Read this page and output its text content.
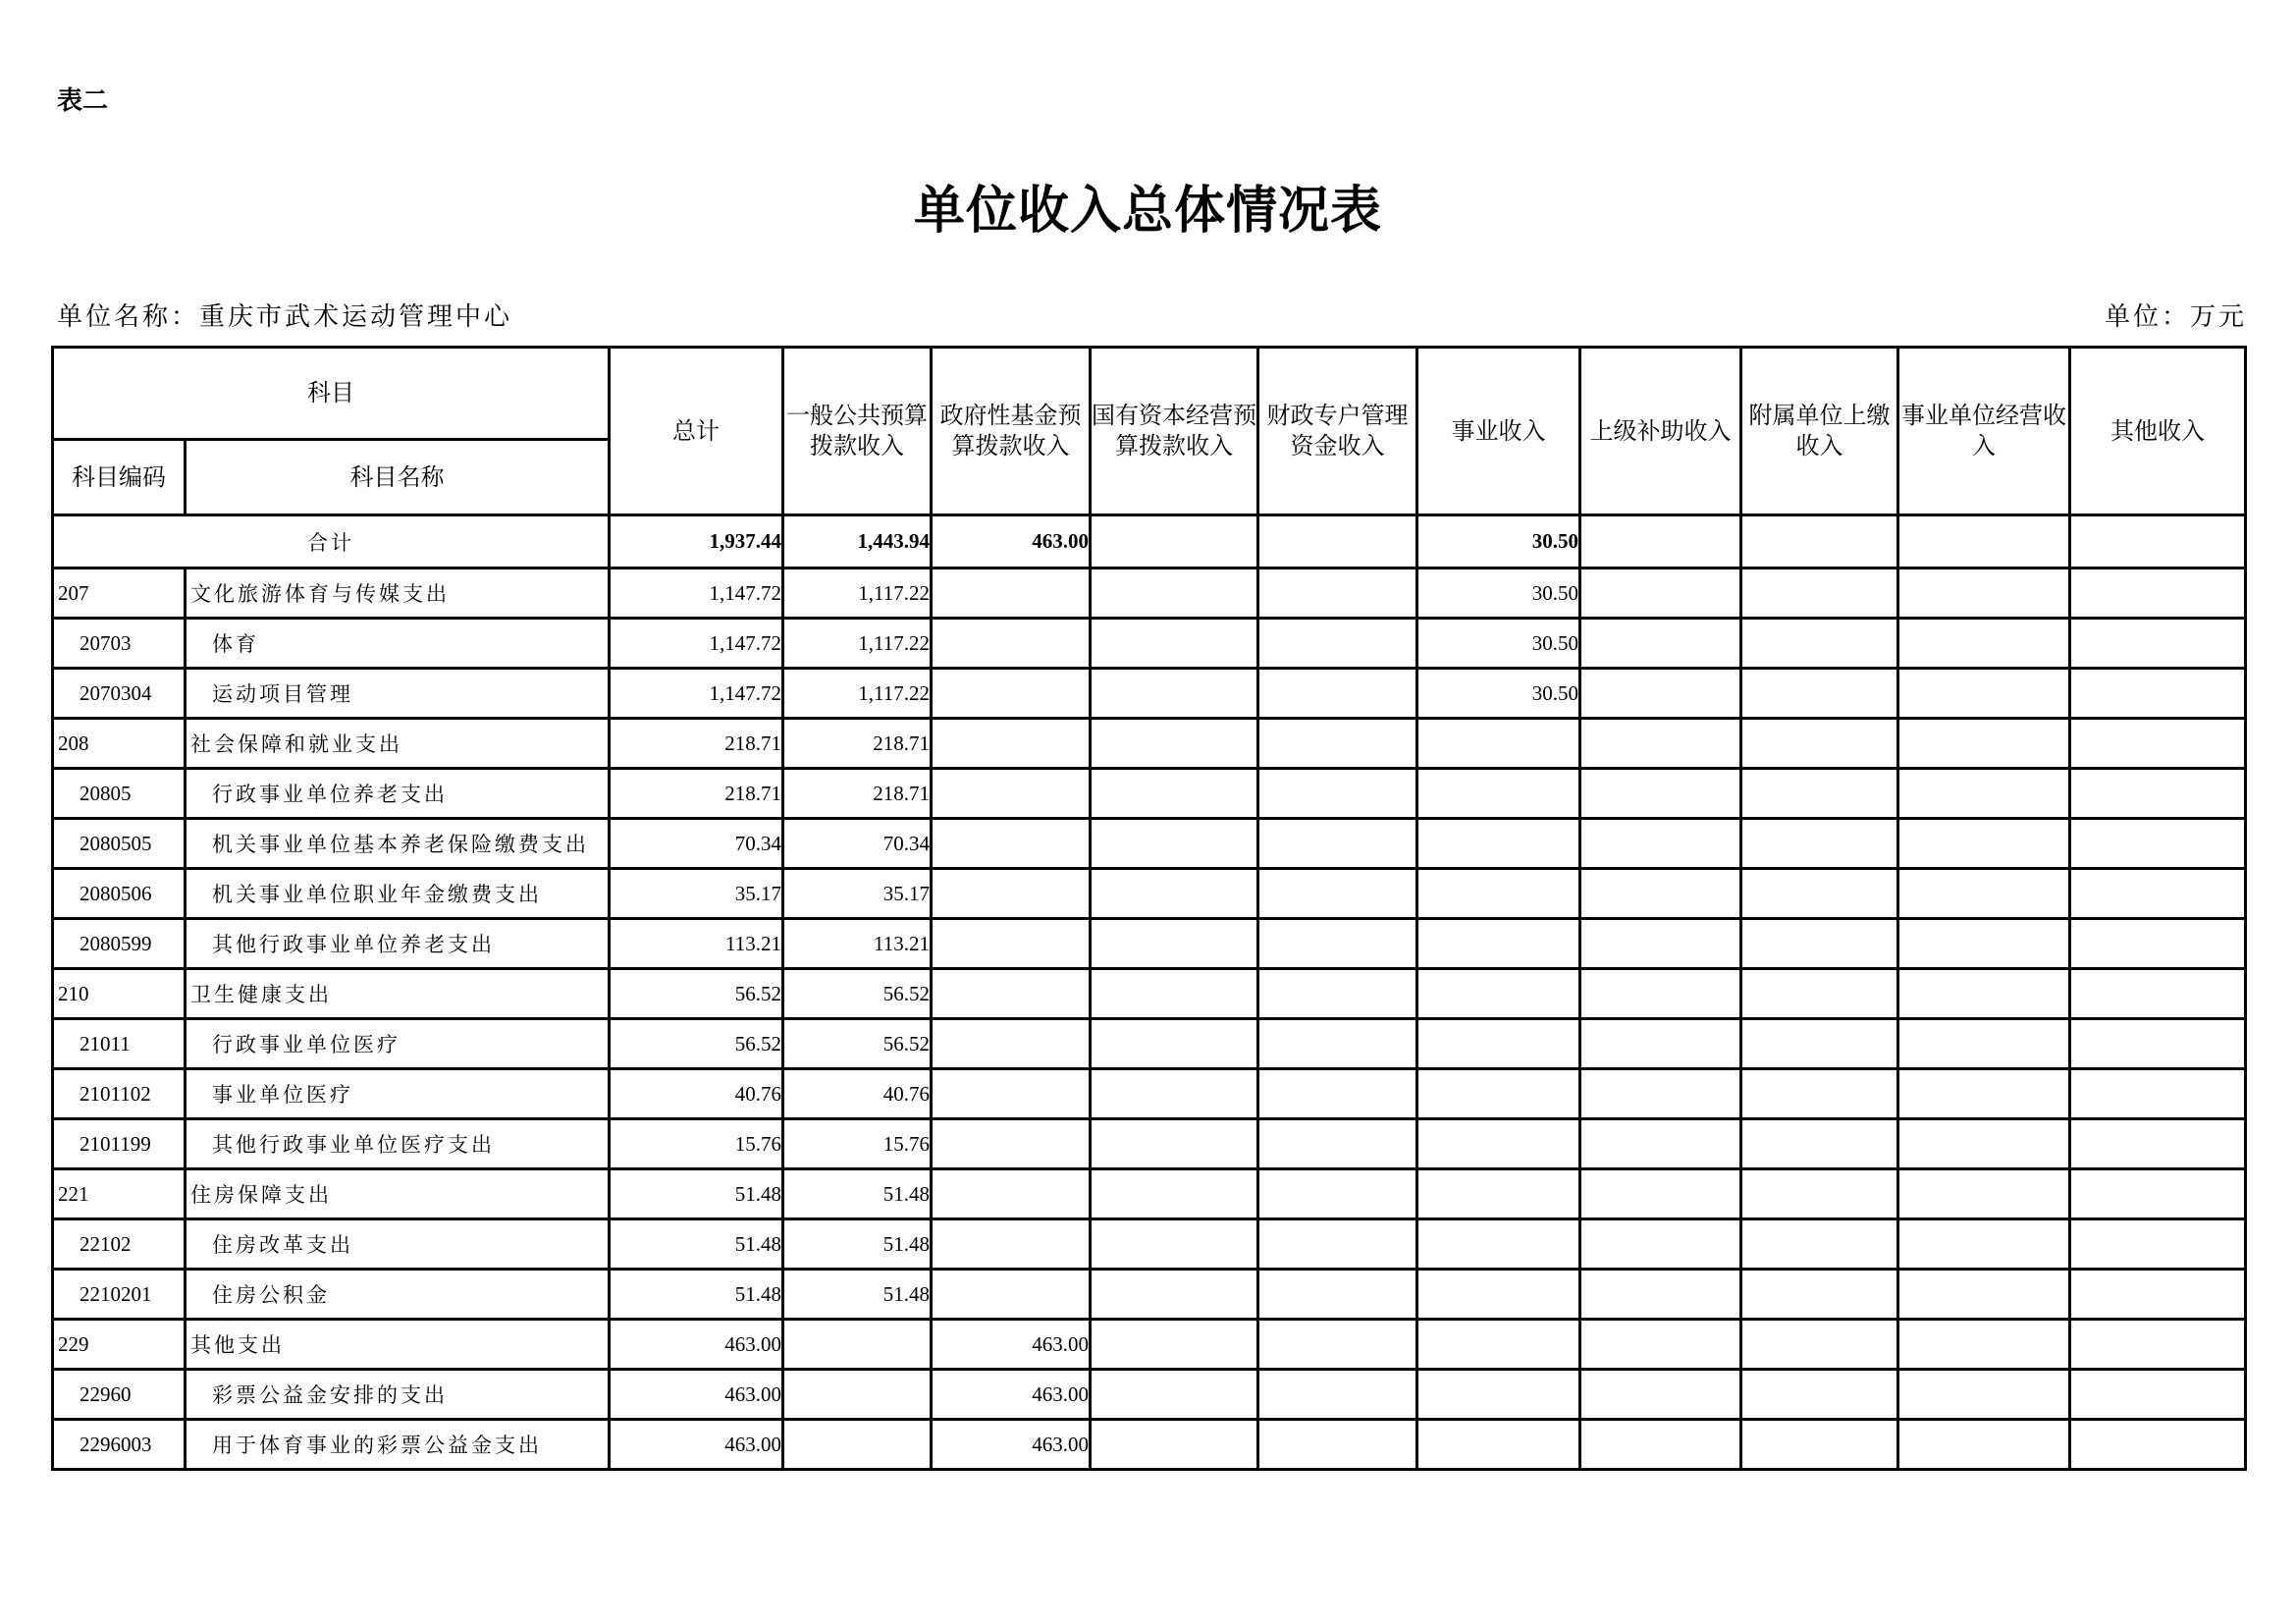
表二
单位收入总体情况表
单位名称：重庆市武术运动管理中心	单位：万元
科目		总计	一般公共预算拨款收入	政府性基金预算拨款收入	国有资本经营预算拨款收入	财政专户管理资金收入	事业收入	上级补助收入	附属单位上缴收入	事业单位经营收入	其他收入
科目编码	科目名称										
合计		1,937.44	1,443.94	463.00			30.50				
207	文化旅游体育与传媒支出	1,147.72	1,117.22				30.50				
20703	体育	1,147.72	1,117.22				30.50				
2070304	运动项目管理	1,147.72	1,117.22				30.50				
208	社会保障和就业支出	218.71	218.71								
20805	行政事业单位养老支出	218.71	218.71								
2080505	机关事业单位基本养老保险缴费支出	70.34	70.34								
2080506	机关事业单位职业年金缴费支出	35.17	35.17								
2080599	其他行政事业单位养老支出	113.21	113.21								
210	卫生健康支出	56.52	56.52								
21011	行政事业单位医疗	56.52	56.52								
2101102	事业单位医疗	40.76	40.76								
2101199	其他行政事业单位医疗支出	15.76	15.76								
221	住房保障支出	51.48	51.48								
22102	住房改革支出	51.48	51.48								
2210201	住房公积金	51.48	51.48								
229	其他支出	463.00		463.00							
22960	彩票公益金安排的支出	463.00		463.00							
2296003	用于体育事业的彩票公益金支出	463.00		463.00							
